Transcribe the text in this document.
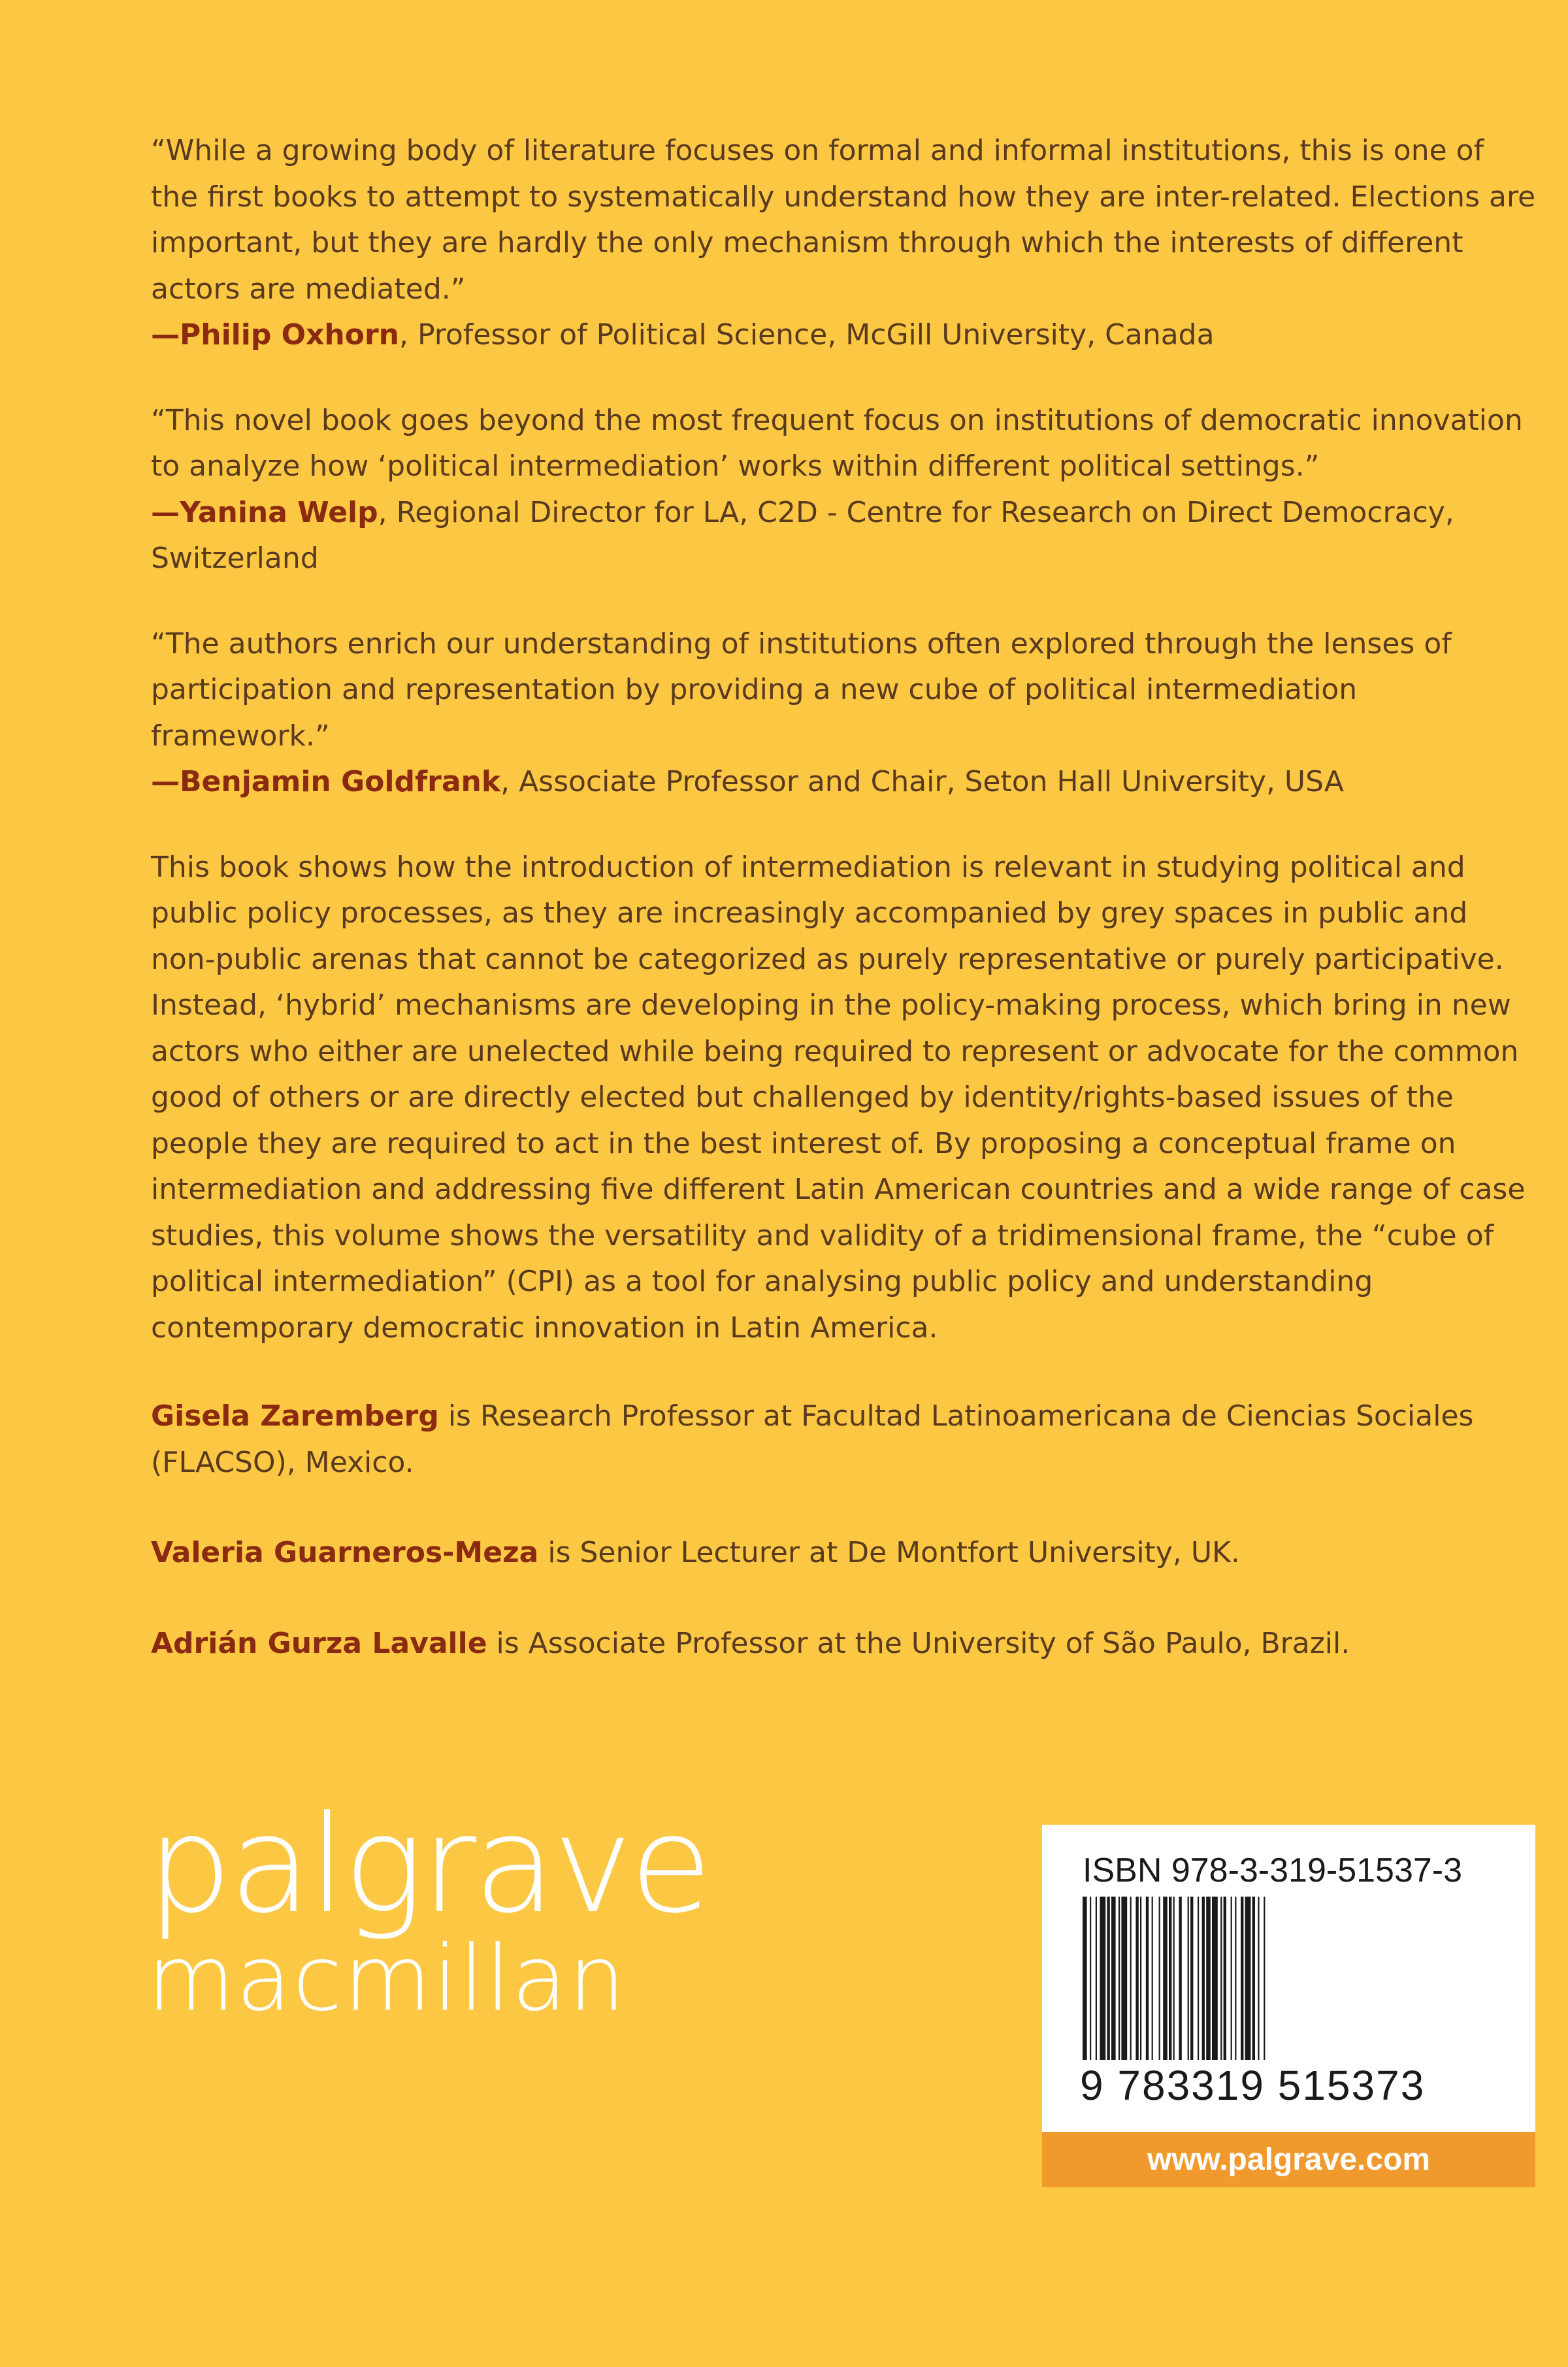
“While a growing body of literature focuses on formal and informal institutions, this is one of the first books to attempt to systematically understand how they are inter-related. Elections are important, but they are hardly the only mechanism through which the interests of different actors are mediated.”

—Philip Oxhorn, Professor of Political Science, McGill University, Canada

“This novel book goes beyond the most frequent focus on institutions of democratic innovation to analyze how ‘political intermediation’ works within different political settings.”

—Yanina Welp, Regional Director for LA, C2D - Centre for Research on Direct Democracy, Switzerland

“The authors enrich our understanding of institutions often explored through the lenses of participation and representation by providing a new cube of political intermediation framework.”

—Benjamin Goldfrank, Associate Professor and Chair, Seton Hall University, USA

This book shows how the introduction of intermediation is relevant in studying political and public policy processes, as they are increasingly accompanied by grey spaces in public and non-public arenas that cannot be categorized as purely representative or purely participative. Instead, ‘hybrid’ mechanisms are developing in the policy-making process, which bring in new actors who either are unelected while being required to represent or advocate for the common good of others or are directly elected but challenged by identity/rights-based issues of the people they are required to act in the best interest of. By proposing a conceptual frame on intermediation and addressing five different Latin American countries and a wide range of case studies, this volume shows the versatility and validity of a tridimensional frame, the “cube of political intermediation” (CPI) as a tool for analysing public policy and understanding contemporary democratic innovation in Latin America.

Gisela Zaremberg is Research Professor at Facultad Latinoamericana de Ciencias Sociales (FLACSO), Mexico.

Valeria Guarneros-Meza is Senior Lecturer at De Montfort University, UK.

Adrián Gurza Lavalle is Associate Professor at the University of São Paulo, Brazil.

palgrave
macmillan
ISBN 978-3-319-51537-3
9 783319 515373
www.palgrave.com
